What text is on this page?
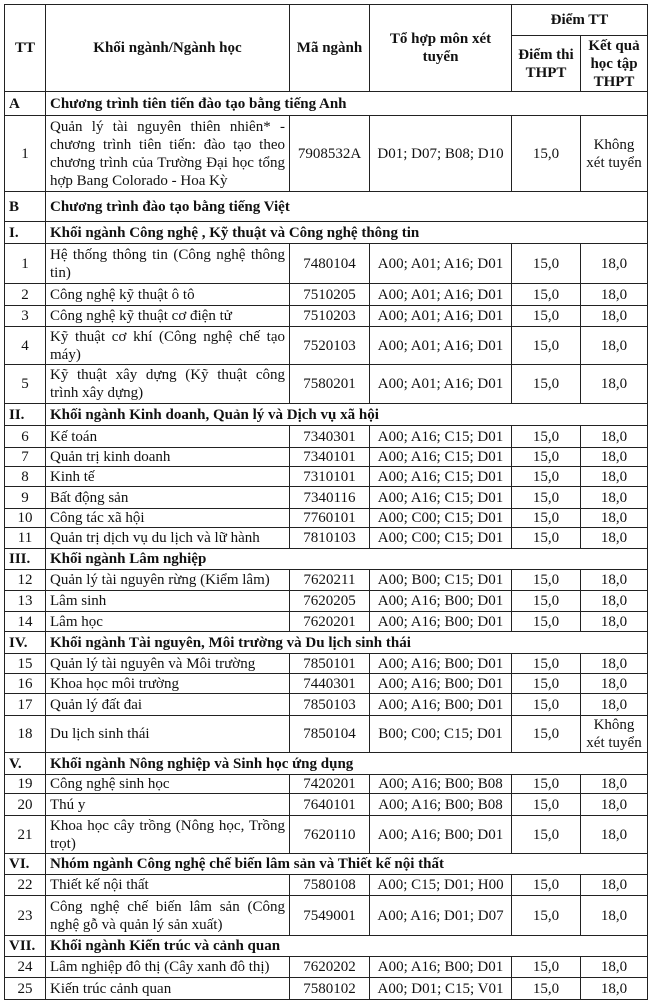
TT	Khối ngành/Ngành học	Mã ngành	Tổ hợp môn xét tuyển	Điểm TT	
				Điểm thi THPT	Kết quả học tập THPT
A	Chương trình tiên tiến đào tạo bằng tiếng Anh				
1	Quản lý tài nguyên thiên nhiên* - chương trình tiên tiến: đào tạo theo chương trình của Trường Đại học tổng hợp Bang Colorado - Hoa Kỳ	7908532A	D01; D07; B08; D10	15,0	Không xét tuyển
B	Chương trình đào tạo bằng tiếng Việt				
I.	Khối ngành Công nghệ , Kỹ thuật và Công nghệ thông tin				
1	Hệ thống thông tin (Công nghệ thông tin)	7480104	A00; A01; A16; D01	15,0	18,0
2	Công nghệ kỹ thuật ô tô	7510205	A00; A01; A16; D01	15,0	18,0
3	Công nghệ kỹ thuật cơ điện tử	7510203	A00; A01; A16; D01	15,0	18,0
4	Kỹ thuật cơ khí (Công nghệ chế tạo máy)	7520103	A00; A01; A16; D01	15,0	18,0
5	Kỹ thuật xây dựng (Kỹ thuật công trình xây dựng)	7580201	A00; A01; A16; D01	15,0	18,0
II.	Khối ngành Kinh doanh, Quản lý và Dịch vụ xã hội				
6	Kế toán	7340301	A00; A16; C15; D01	15,0	18,0
7	Quản trị kinh doanh	7340101	A00; A16; C15; D01	15,0	18,0
8	Kinh tế	7310101	A00; A16; C15; D01	15,0	18,0
9	Bất động sản	7340116	A00; A16; C15; D01	15,0	18,0
10	Công tác xã hội	7760101	A00; C00; C15; D01	15,0	18,0
11	Quản trị dịch vụ du lịch và lữ hành	7810103	A00; C00; C15; D01	15,0	18,0
III.	Khối ngành Lâm nghiệp				
12	Quản lý tài nguyên rừng (Kiểm lâm)	7620211	A00; B00; C15; D01	15,0	18,0
13	Lâm sinh	7620205	A00; A16; B00; D01	15,0	18,0
14	Lâm học	7620201	A00; A16; B00; D01	15,0	18,0
IV.	Khối ngành Tài nguyên, Môi trường và Du lịch sinh thái				
15	Quản lý tài nguyên và Môi trường	7850101	A00; A16; B00; D01	15,0	18,0
16	Khoa học môi trường	7440301	A00; A16; B00; D01	15,0	18,0
17	Quản lý đất đai	7850103	A00; A16; B00; D01	15,0	18,0
18	Du lịch sinh thái	7850104	B00; C00; C15; D01	15,0	Không xét tuyển
V.	Khối ngành Nông nghiệp và Sinh học ứng dụng				
19	Công nghệ sinh học	7420201	A00; A16; B00; B08	15,0	18,0
20	Thú y	7640101	A00; A16; B00; B08	15,0	18,0
21	Khoa học cây trồng (Nông học, Trồng trọt)	7620110	A00; A16; B00; D01	15,0	18,0
VI.	Nhóm ngành Công nghệ chế biến lâm sản và Thiết kế nội thất				
22	Thiết kế nội thất	7580108	A00; C15; D01; H00	15,0	18,0
23	Công nghệ chế biến lâm sản (Công nghệ gỗ và quản lý sản xuất)	7549001	A00; A16; D01; D07	15,0	18,0
VII.	Khối ngành Kiến trúc và cảnh quan				
24	Lâm nghiệp đô thị (Cây xanh đô thị)	7620202	A00; A16; B00; D01	15,0	18,0
25	Kiến trúc cảnh quan	7580102	A00; D01; C15; V01	15,0	18,0
